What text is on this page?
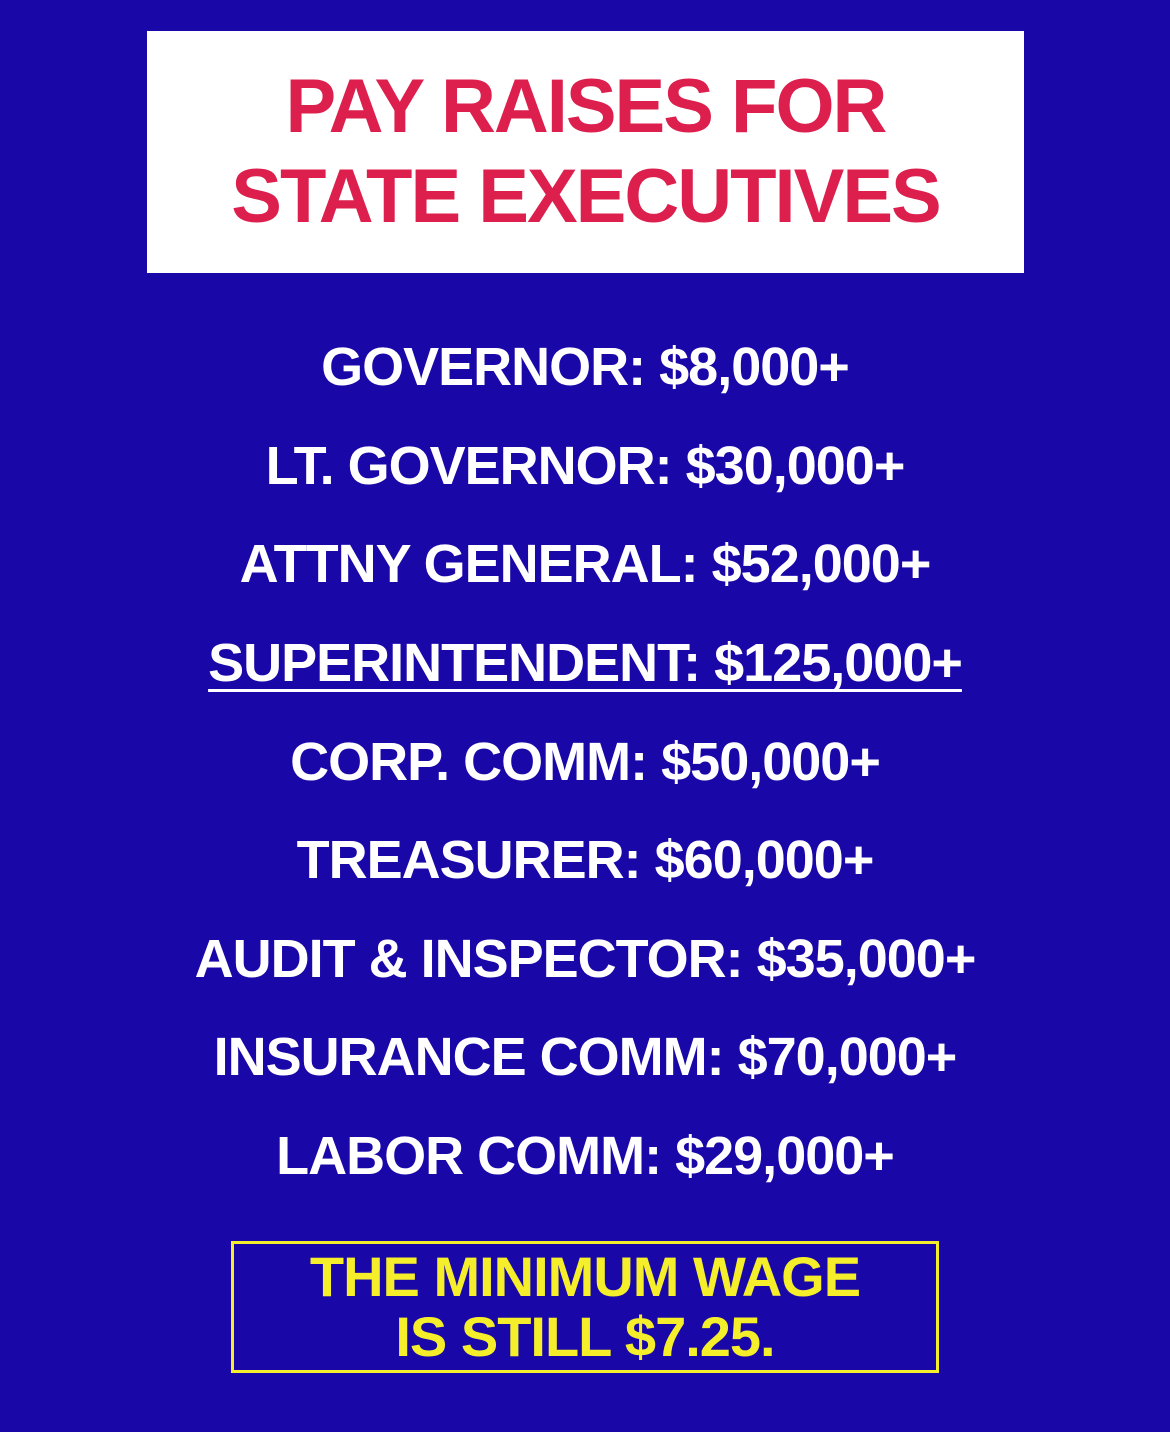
PAY RAISES FOR
STATE EXECUTIVES
GOVERNOR: $8,000+
LT. GOVERNOR: $30,000+
ATTNY GENERAL: $52,000+
SUPERINTENDENT: $125,000+
CORP. COMM: $50,000+
TREASURER: $60,000+
AUDIT & INSPECTOR: $35,000+
INSURANCE COMM: $70,000+
LABOR COMM: $29,000+
THE MINIMUM WAGE
IS STILL $7.25.
